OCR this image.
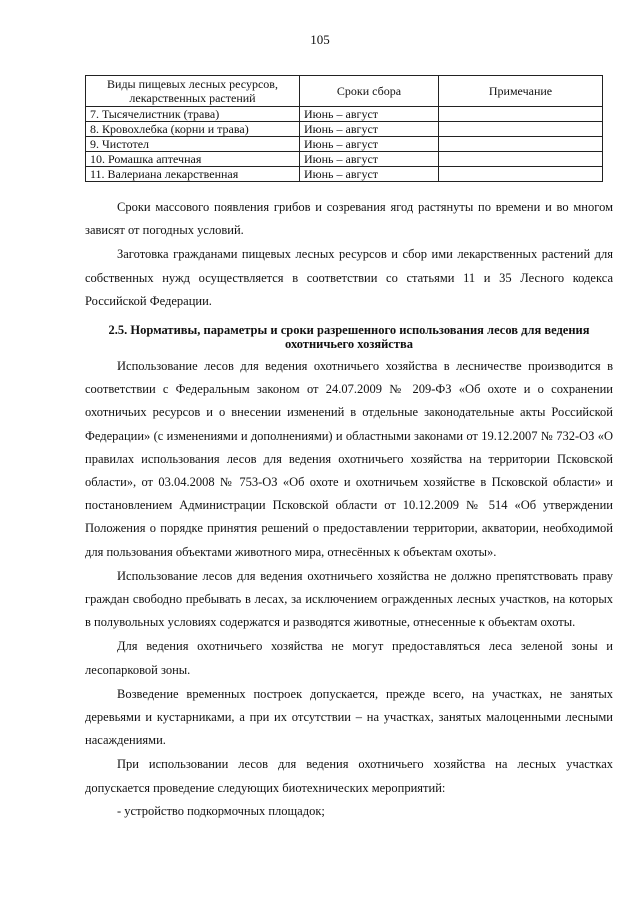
105
Виды пищевых лесных ресурсов, лекарственных растений	Сроки сбора	Примечание
7. Тысячелистник (трава)	Июнь – август	
8. Кровохлебка (корни и трава)	Июнь – август	
9. Чистотел	Июнь – август	
10. Ромашка аптечная	Июнь – август	
11. Валериана лекарственная	Июнь – август	

Сроки массового появления грибов и созревания ягод растянуты по времени и во многом зависят от погодных условий.

Заготовка гражданами пищевых лесных ресурсов и сбор ими лекарственных растений для собственных нужд осуществляется в соответствии со статьями 11 и 35 Лесного кодекса Российской Федерации.

2.5. Нормативы, параметры и сроки разрешенного использования лесов для ведения охотничьего хозяйства

Использование лесов для ведения охотничьего хозяйства в лесничестве производится в соответствии с Федеральным законом от 24.07.2009 № 209-ФЗ «Об охоте и о сохранении охотничьих ресурсов и о внесении изменений в отдельные законодательные акты Российской Федерации» (с изменениями и дополнениями) и областными законами от 19.12.2007 № 732-ОЗ «О правилах использования лесов для ведения охотничьего хозяйства на территории Псковской области», от 03.04.2008 № 753-ОЗ «Об охоте и охотничьем хозяйстве в Псковской области» и постановлением Администрации Псковской области от 10.12.2009 № 514 «Об утверждении Положения о порядке принятия решений о предоставлении территории, акватории, необходимой для пользования объектами животного мира, отнесённых к объектам охоты».

Использование лесов для ведения охотничьего хозяйства не должно препятствовать праву граждан свободно пребывать в лесах, за исключением огражденных лесных участков, на которых в полувольных условиях содержатся и разводятся животные, отнесенные к объектам охоты.

Для ведения охотничьего хозяйства не могут предоставляться леса зеленой зоны и лесопарковой зоны.

Возведение временных построек допускается, прежде всего, на участках, не занятых деревьями и кустарниками, а при их отсутствии – на участках, занятых малоценными лесными насаждениями.

При использовании лесов для ведения охотничьего хозяйства на лесных участках допускается проведение следующих биотехнических мероприятий:

- устройство подкормочных площадок;
